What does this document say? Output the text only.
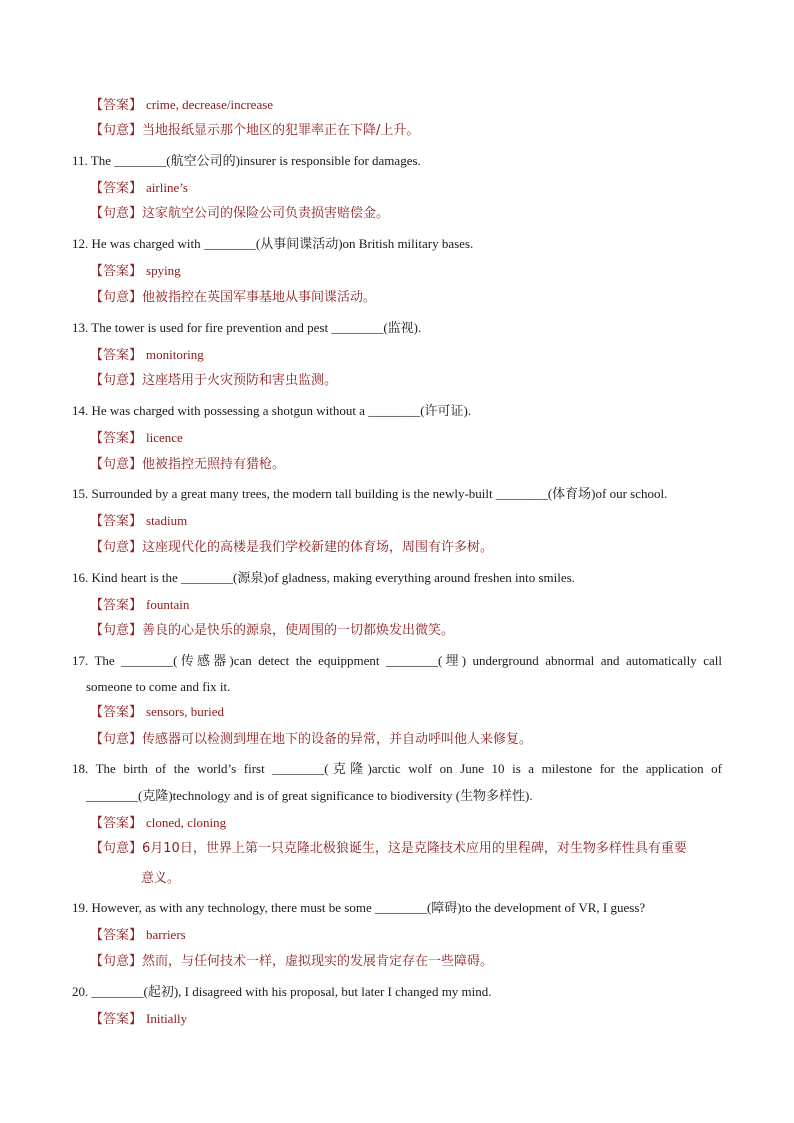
【答案】 crime, decrease/increase
【句意】当地报纸显示那个地区的犯罪率正在下降/上升。
11. The ________(航空公司的)insurer is responsible for damages.
【答案】 airline’s
【句意】这家航空公司的保险公司负责损害赔偿金。
12. He was charged with ________(从事间谍活动)on British military bases.
【答案】 spying
【句意】他被指控在英国军事基地从事间谍活动。
13. The tower is used for fire prevention and pest ________(监视).
【答案】 monitoring
【句意】这座塔用于火灾预防和害虫监测。
14. He was charged with possessing a shotgun without a ________(许可证).
【答案】 licence
【句意】他被指控无照持有猎枪。
15. Surrounded by a great many trees, the modern tall building is the newly-built ________(体育场)of our school.
【答案】 stadium
【句意】这座现代化的高楼是我们学校新建的体育场，周围有许多树。
16. Kind heart is the ________(源泉)of gladness, making everything around freshen into smiles.
【答案】 fountain
【句意】善良的心是快乐的源泉，使周围的一切都焕发出微笑。
17. The ________(传感器)can detect the equippment ________(埋) underground abnormal and automatically call
someone to come and fix it.
【答案】 sensors, buried
【句意】传感器可以检测到埋在地下的设备的异常，并自动呼叫他人来修复。
18. The birth of the world’s first ________(克隆)arctic wolf on June 10 is a milestone for the application of
________(克隆)technology and is of great significance to biodiversity (生物多样性).
【答案】 cloned, cloning
【句意】6月10日，世界上第一只克隆北极狼诞生，这是克隆技术应用的里程碑，对生物多样性具有重要
意义。
19. However, as with any technology, there must be some ________(障碍)to the development of VR, I guess?
【答案】 barriers
【句意】然而，与任何技术一样，虚拟现实的发展肯定存在一些障碍。
20. ________(起初), I disagreed with his proposal, but later I changed my mind.
【答案】 Initially
